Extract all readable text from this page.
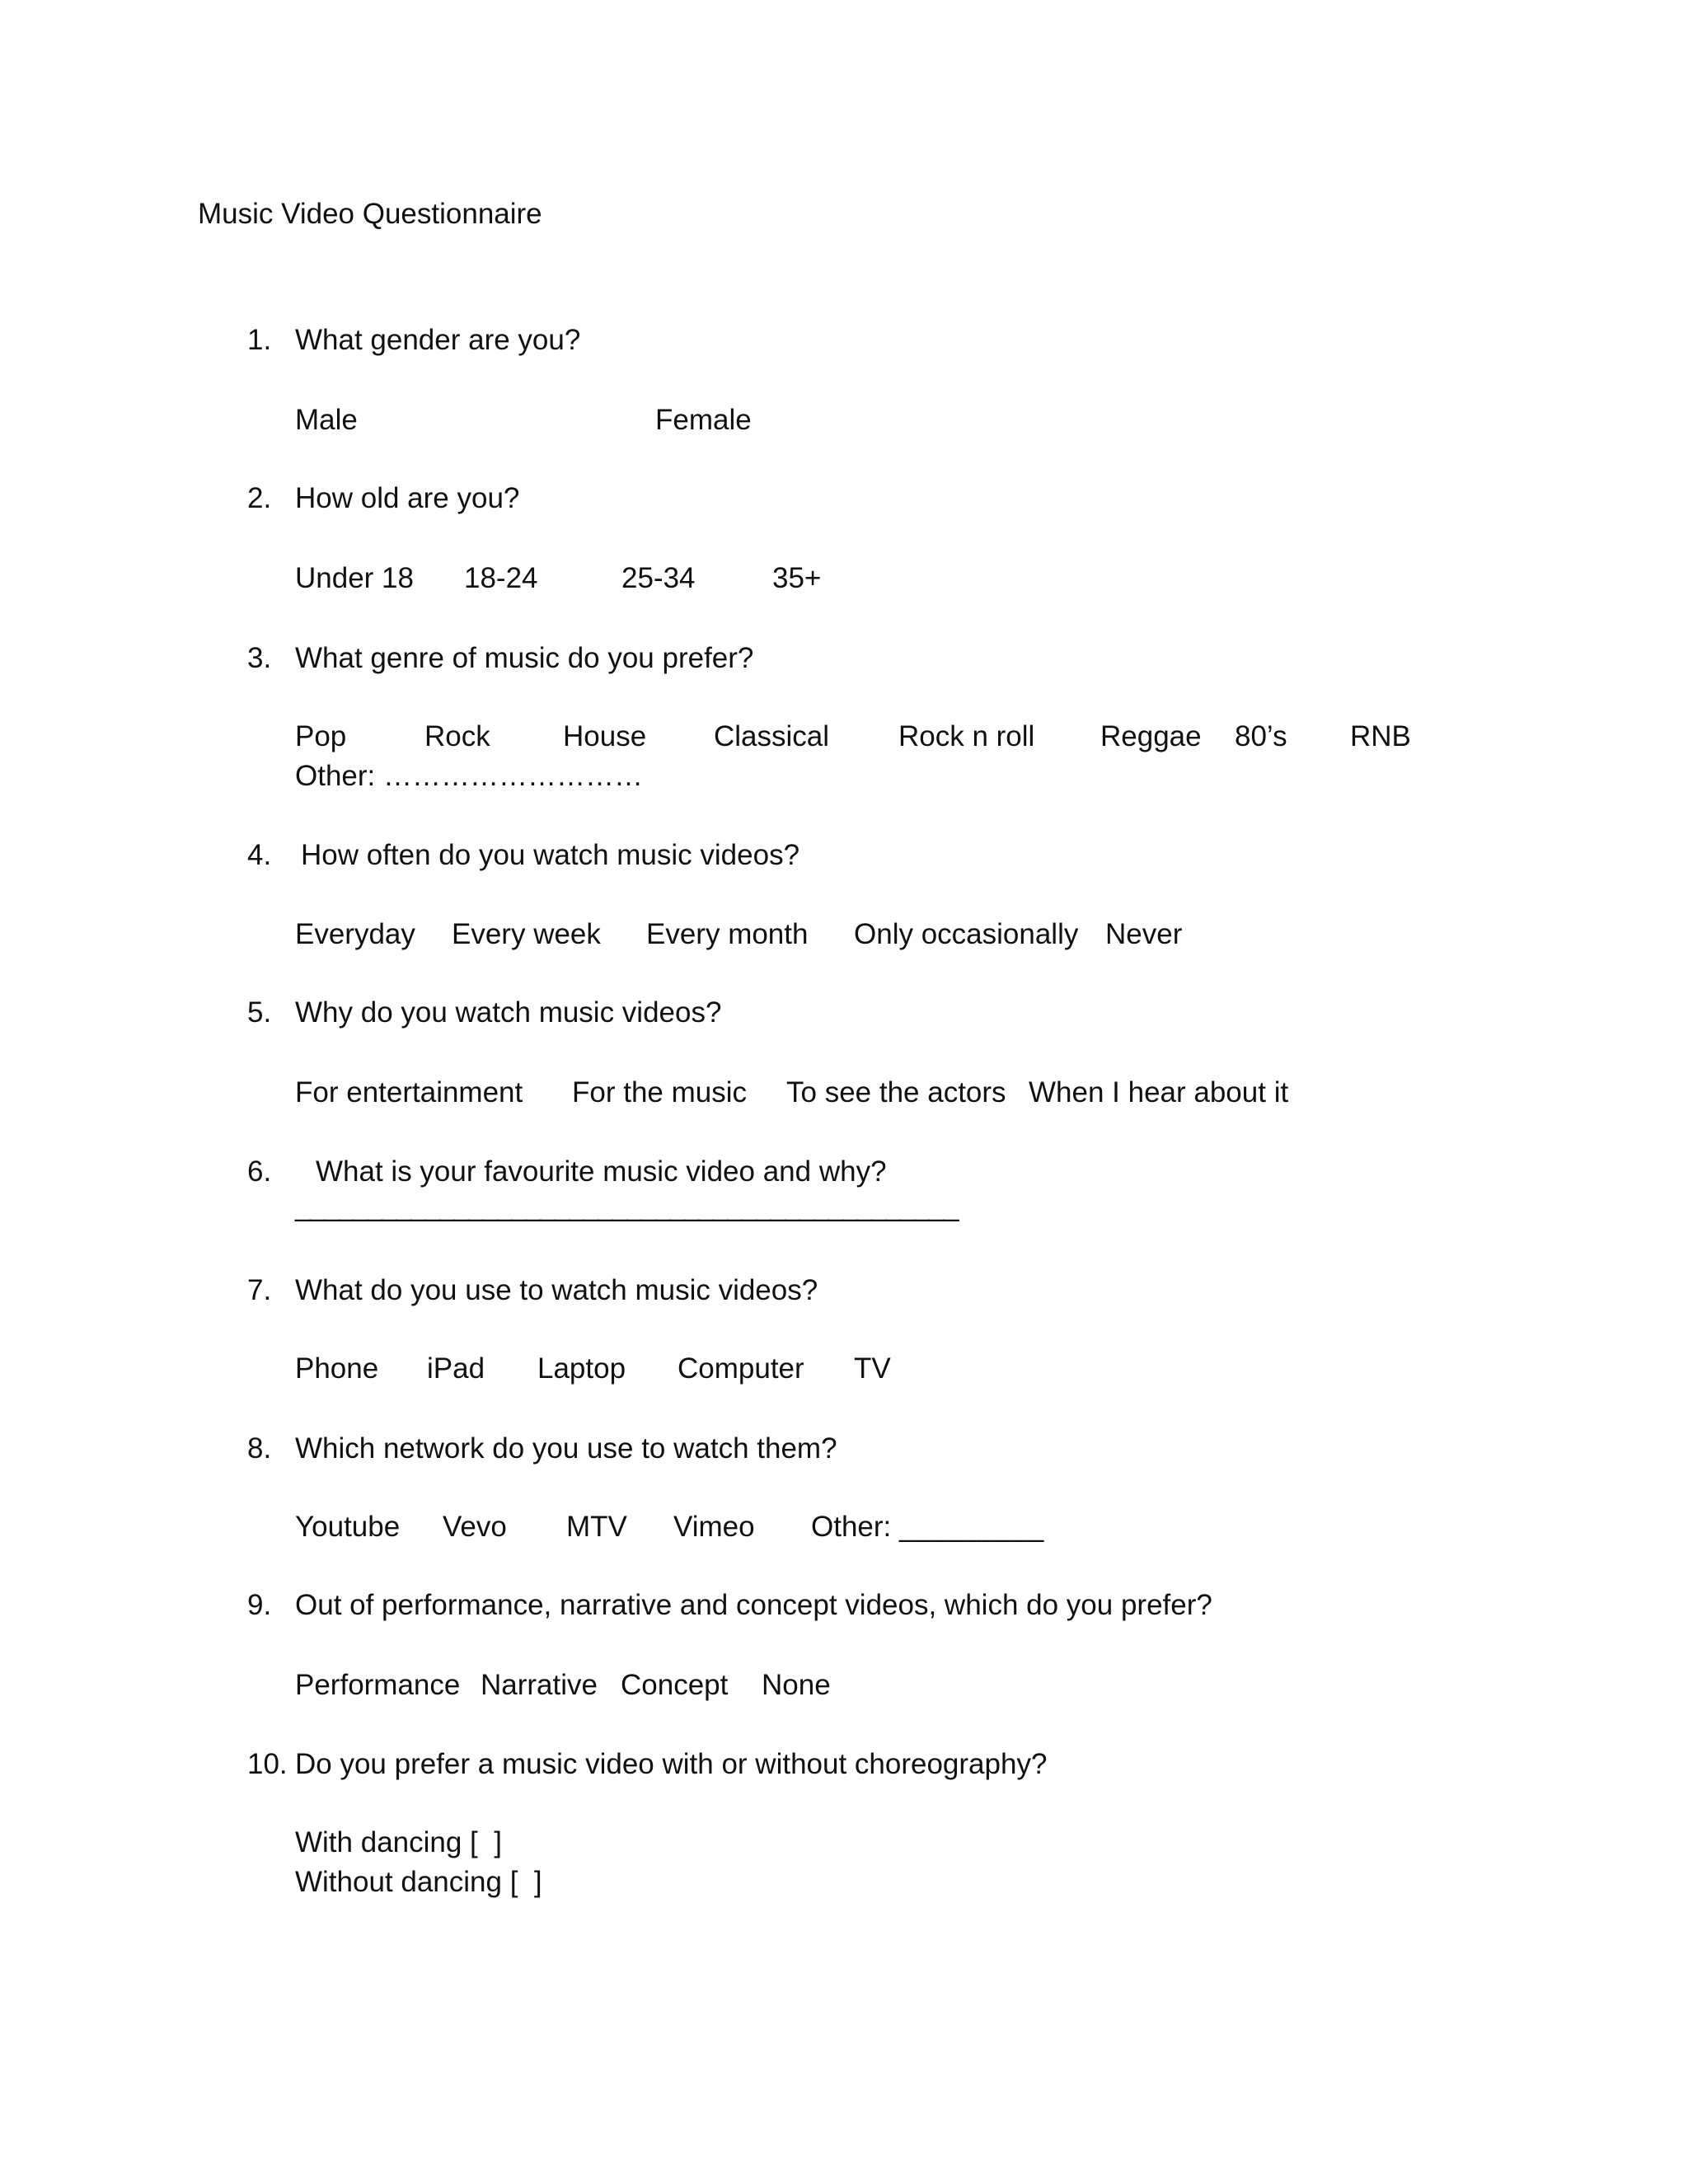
Music Video Questionnaire
1. What gender are you?
Male	Female
2. How old are you?
Under 18 18-24	25-34	35+
3. What genre of music do you prefer?
Pop	Rock	House Classical Rock n roll Reggae 80’s RNB
Other: ………………………
4. How often do you watch music videos?
Everyday Every week Every month Only occasionally Never
5. Why do you watch music videos?
For entertainment For the music To see the actors When I hear about it
6. What is your favourite music video and why?
______________________________________________
7. What do you use to watch music videos?
Phone iPad Laptop Computer TV
8. Which network do you use to watch them?
Youtube Vevo MTV Vimeo Other: _________
9. Out of performance, narrative and concept videos, which do you prefer?
Performance Narrative Concept None
10. Do you prefer a music video with or without choreography?
With dancing [  ]
Without dancing [  ]
